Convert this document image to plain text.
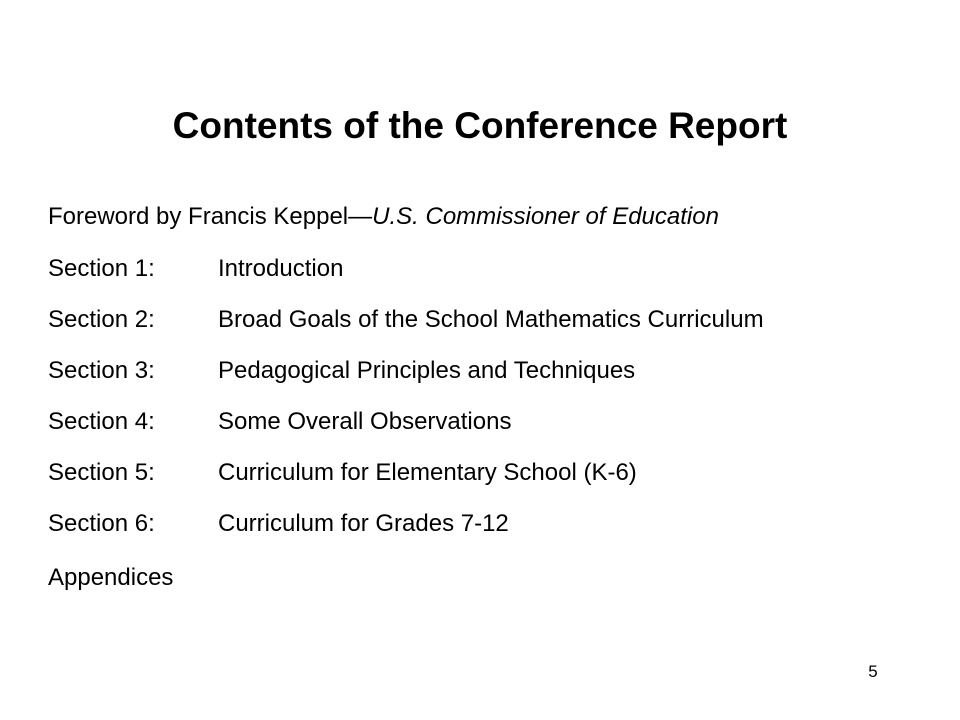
Contents of the Conference Report
Foreword by Francis Keppel—U.S. Commissioner of Education
Section 1:	Introduction
Section 2:	Broad Goals of the School Mathematics Curriculum
Section 3:	Pedagogical Principles and Techniques
Section 4:	Some Overall Observations
Section 5:	Curriculum for Elementary School (K-6)
Section 6:	Curriculum for Grades 7-12
Appendices
5
